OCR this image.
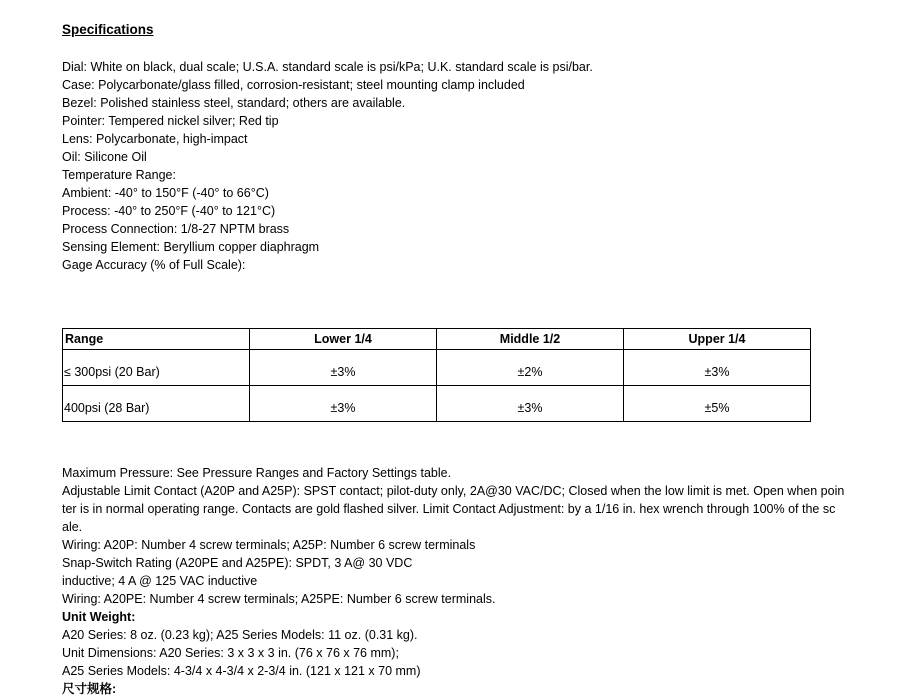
Specifications
Dial: White on black, dual scale; U.S.A. standard scale is psi/kPa; U.K. standard scale is psi/bar.
Case: Polycarbonate/glass filled, corrosion-resistant; steel mounting clamp included
Bezel: Polished stainless steel, standard; others are available.
Pointer: Tempered nickel silver; Red tip
Lens: Polycarbonate, high-impact
Oil: Silicone Oil
Temperature Range:
Ambient: -40° to 150°F (-40° to 66°C)
Process: -40° to 250°F (-40° to 121°C)
Process Connection: 1/8-27 NPTM brass
Sensing Element: Beryllium copper diaphragm
Gage Accuracy (% of Full Scale):
Range	Lower 1/4	Middle 1/2	Upper 1/4
≤ 300psi (20 Bar)	±3%	±2%	±3%
400psi (28 Bar)	±3%	±3%	±5%
Maximum Pressure: See Pressure Ranges and Factory Settings table.
Adjustable Limit Contact (A20P and A25P): SPST contact; pilot-duty only, 2A@30 VAC/DC; Closed when the low limit is met. Open when poin
ter is in normal operating range. Contacts are gold flashed silver. Limit Contact Adjustment: by a 1/16 in. hex wrench through 100% of the sc
ale.
Wiring: A20P: Number 4 screw terminals; A25P: Number 6 screw terminals
Snap-Switch Rating (A20PE and A25PE): SPDT, 3 A@ 30 VDC
inductive; 4 A @ 125 VAC inductive
Wiring: A20PE: Number 4 screw terminals; A25PE: Number 6 screw terminals.
Unit Weight:
A20 Series: 8 oz. (0.23 kg); A25 Series Models: 11 oz. (0.31 kg).
Unit Dimensions: A20 Series: 3 x 3 x 3 in. (76 x 76 x 76 mm);
A25 Series Models: 4-3/4 x 4-3/4 x 2-3/4 in. (121 x 121 x 70 mm)
尺寸规格:
